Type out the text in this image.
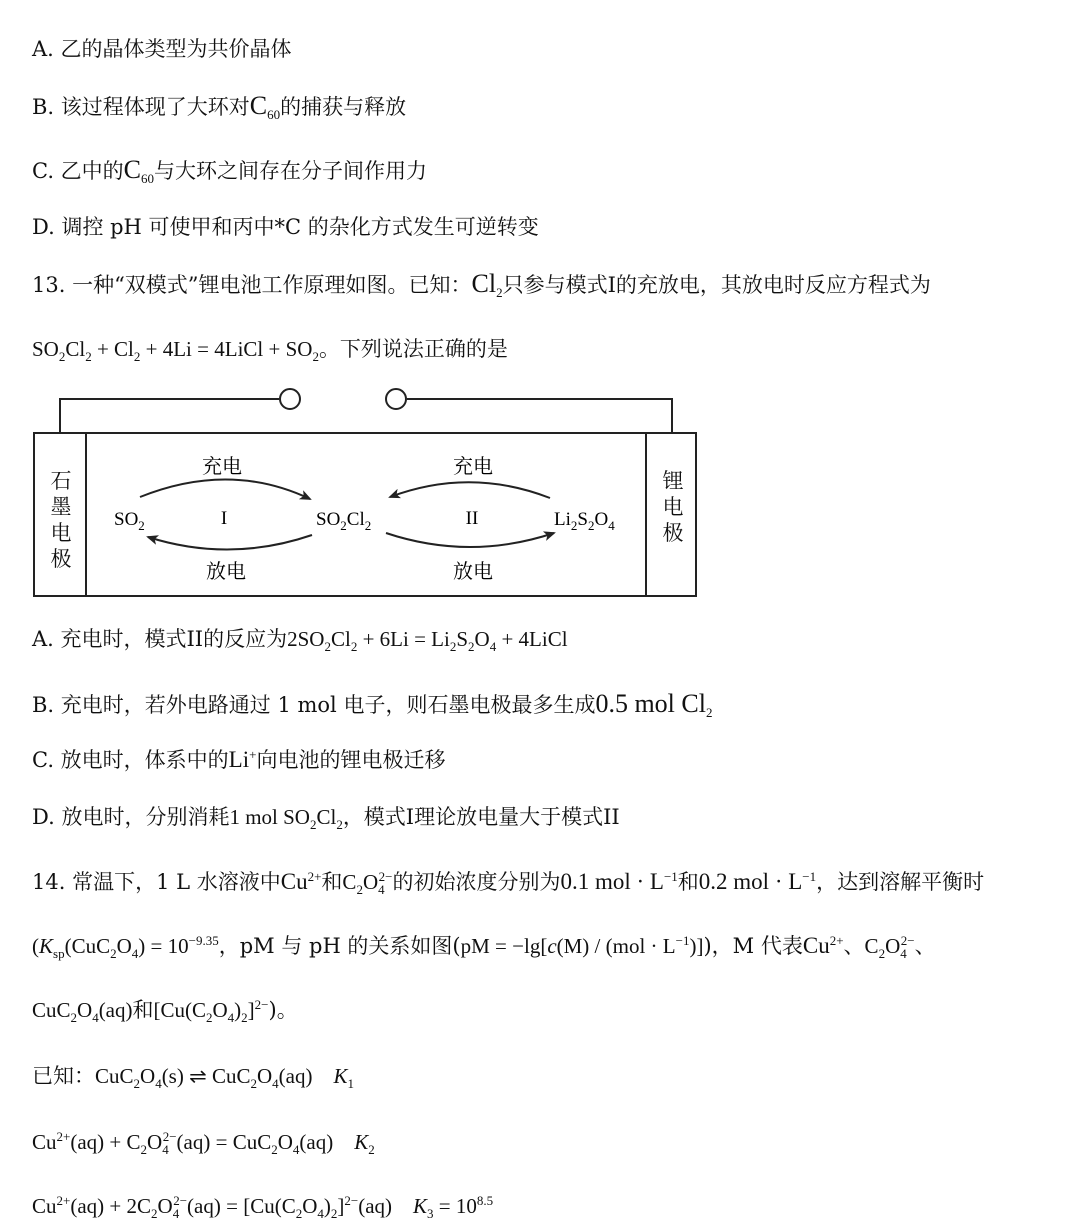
A. 乙的晶体类型为共价晶体
B. 该过程体现了大环对$C_{60}$的捕获与释放
C. 乙中的$C_{60}$与大环之间存在分子间作用力
D. 调控 pH 可使甲和丙中*C 的杂化方式发生可逆转变
13. 一种“双模式”锂电池工作原理如图。已知：$Cl_2$只参与模式I的充放电，其放电时反应方程式为
$SO_2Cl_2 + Cl_2 + 4Li$ = 4LiCl + $SO_2$。下列说法正确的是
石
墨
电
极
锂
电
极
充电	充电
放电	放电
I	II
$SO_2$	$SO_2Cl_2$	$Li_2S_2O_4$
A. 充电时，模式II的反应为$2SO_2Cl_2 + 6Li = Li_2S_2O_4$ + 4LiCl
B. 充电时，若外电路通过 1 mol 电子，则石墨电极最多生成0.5 mol $Cl_2$
C. 放电时，体系中的Li+向电池的锂电极迁移
D. 放电时，分别消耗1 mol $SO_2Cl_2$，模式I理论放电量大于模式II
14. 常温下，1 L 水溶液中$Cu^{2+}$和$C_2O_4^{2-}$的初始浓度分别为0.1 mol · $L^{-1}$和0.2 mol · $L^{-1}$，达到溶解平衡时
($K_{sp}(CuC_2O_4) = 10^{-9.35}$，pM 与 pH 的关系如图$(pM = -\lg[c(M) / (mol \cdot L^{-1})])$，M 代表$Cu^{2+}$、$C_2O_4^{2-}$、
$CuC_2O_4(aq)$和$[Cu(C_2O_4)_2]^{2-}$)。
已知：$CuC_2O_4(s)$ ⇌ $CuC_2O_4(aq)$    $K_1$
$Cu^{2+}(aq) + C_2O_4^{2-}(aq) = CuC_2O_4(aq)$    $K_2$
$Cu^{2+}(aq) + 2C_2O_4^{2-}(aq) = [Cu(C_2O_4)_2]^{2-}(aq)$    $K_3 = 10^{8.5}$
